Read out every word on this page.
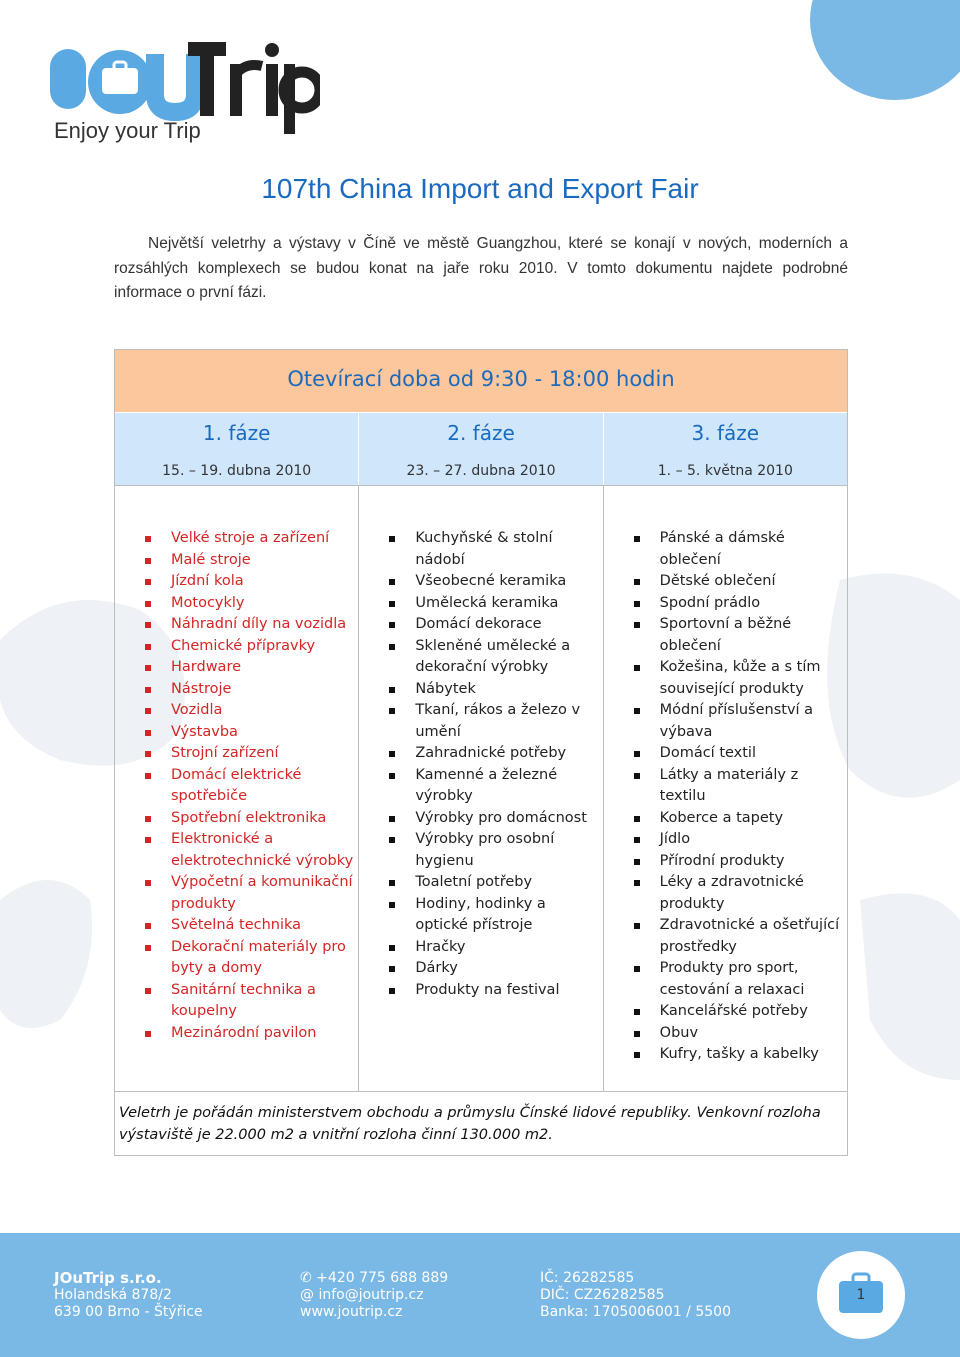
Enjoy your Trip
107th China Import and Export Fair
Největší veletrhy a výstavy v Číně ve městě Guangzhou, které se konají v nových, moderních a rozsáhlých komplexech se budou konat na jaře roku 2010. V tomto dokumentu najdete podrobné informace o první fázi.
Otevírací doba od 9:30 - 18:00 hodin
1. fáze
15. – 19. dubna 2010
2. fáze
23. – 27. dubna 2010
3. fáze
1. – 5. května 2010
Velké stroje a zařízení
Malé stroje
Jízdní kola
Motocykly
Náhradní díly na vozidla
Chemické přípravky
Hardware
Nástroje
Vozidla
Výstavba
Strojní zařízení
Domácí elektrické spotřebiče
Spotřební elektronika
Elektronické a elektrotechnické výrobky
Výpočetní a komunikační produkty
Světelná technika
Dekorační materiály pro byty a domy
Sanitární technika a koupelny
Mezinárodní pavilon
Kuchyňské & stolní nádobí
Všeobecné keramika
Umělecká keramika
Domácí dekorace
Skleněné umělecké a dekorační výrobky
Nábytek
Tkaní, rákos a železo v umění
Zahradnické potřeby
Kamenné a železné výrobky
Výrobky pro domácnost
Výrobky pro osobní hygienu
Toaletní potřeby
Hodiny, hodinky a optické přístroje
Hračky
Dárky
Produkty na festival
Pánské a dámské oblečení
Dětské oblečení
Spodní prádlo
Sportovní a běžné oblečení
Kožešina, kůže a s tím související produkty
Módní příslušenství a výbava
Domácí textil
Látky a materiály z textilu
Koberce a tapety
Jídlo
Přírodní produkty
Léky a zdravotnické produkty
Zdravotnické a ošetřující prostředky
Produkty pro sport, cestování a relaxaci
Kancelářské potřeby
Obuv
Kufry, tašky a kabelky
Veletrh je pořádán ministerstvem obchodu a průmyslu Čínské lidové republiky. Venkovní rozloha výstaviště je 22.000 m2 a vnitřní rozloha činní 130.000 m2.
JOuTrip s.r.o.
Holandská 878/2
639 00 Brno - Štýřice
✆ +420 775 688 889
@ info@joutrip.cz
www.joutrip.cz
IČ: 26282585
DIČ: CZ26282585
Banka: 1705006001 / 5500
1
